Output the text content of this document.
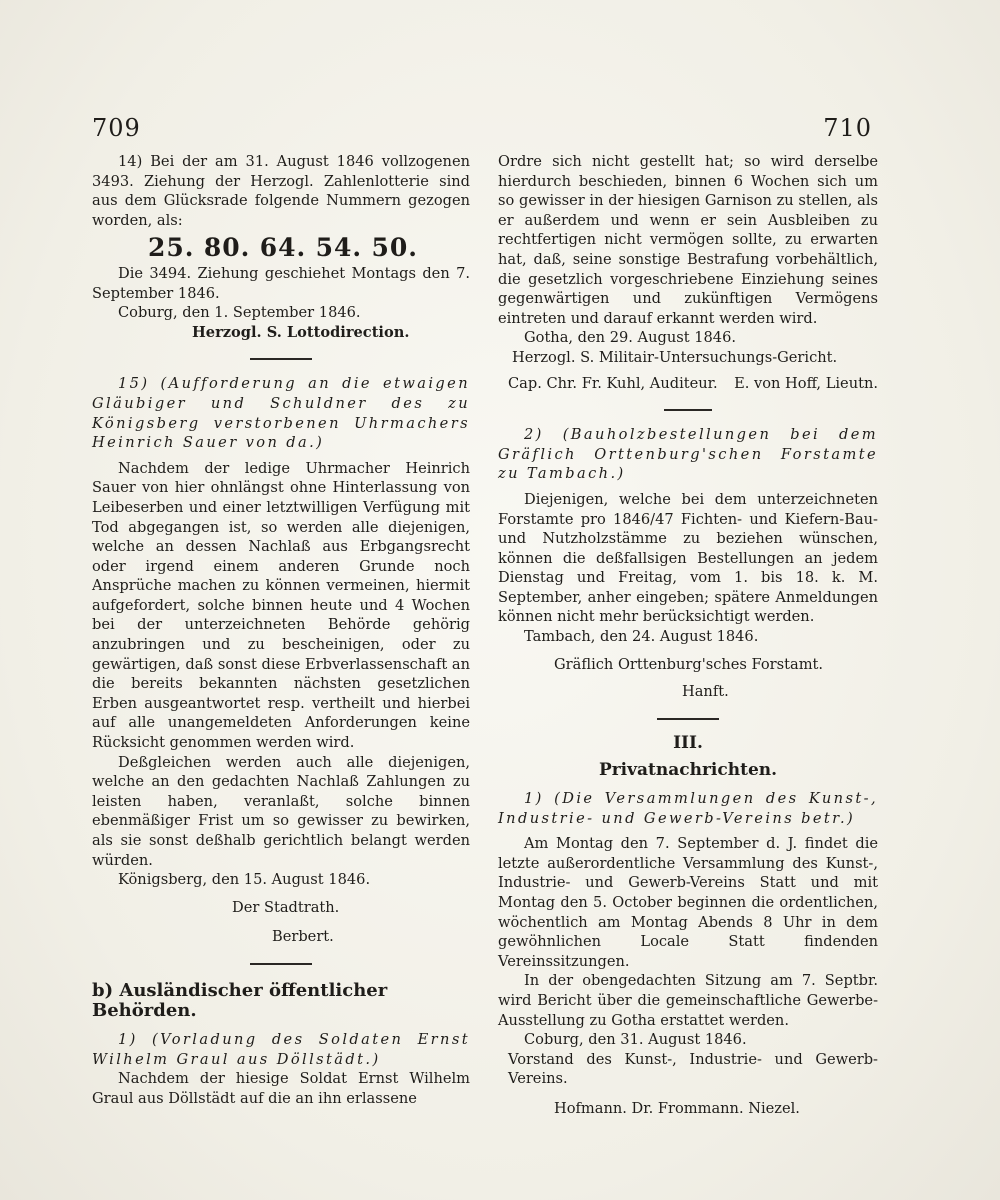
709	710

14) Bei der am 31. August 1846 vollzogenen 3493. Ziehung der Herzogl. Zahlenlotterie sind aus dem Glücksrade folgende Nummern gezogen worden, als:

25. 80. 64. 54. 50.

Die 3494. Ziehung geschiehet Montags den 7. September 1846.

Coburg, den 1. September 1846.

Herzogl. S. Lottodirection.

15) (Aufforderung an die etwaigen Gläubiger und Schuldner des zu Königsberg verstorbenen Uhrmachers Heinrich Sauer von da.)

Nachdem der ledige Uhrmacher Heinrich Sauer von hier ohnlängst ohne Hinterlassung von Leibeserben und einer letztwilligen Verfügung mit Tod abgegangen ist, so werden alle diejenigen, welche an dessen Nachlaß aus Erbgangsrecht oder irgend einem anderen Grunde noch Ansprüche machen zu können vermeinen, hiermit aufgefordert, solche binnen heute und 4 Wochen bei der unterzeichneten Behörde gehörig anzubringen und zu bescheinigen, oder zu gewärtigen, daß sonst diese Erbverlassenschaft an die bereits bekannten nächsten gesetzlichen Erben ausgeantwortet resp. vertheilt und hierbei auf alle unangemeldeten Anforderungen keine Rücksicht genommen werden wird.

Deßgleichen werden auch alle diejenigen, welche an den gedachten Nachlaß Zahlungen zu leisten haben, veranlaßt, solche binnen ebenmäßiger Frist um so gewisser zu bewirken, als sie sonst deßhalb gerichtlich belangt werden würden.

Königsberg, den 15. August 1846.

Der Stadtrath.

Berbert.

b) Ausländischer öffentlicher Behörden.

1) (Vorladung des Soldaten Ernst Wilhelm Graul aus Döllstädt.)

Nachdem der hiesige Soldat Ernst Wilhelm Graul aus Döllstädt auf die an ihn erlassene

Ordre sich nicht gestellt hat; so wird derselbe hierdurch beschieden, binnen 6 Wochen sich um so gewisser in der hiesigen Garnison zu stellen, als er außerdem und wenn er sein Ausbleiben zu rechtfertigen nicht vermögen sollte, zu erwarten hat, daß, seine sonstige Bestrafung vorbehältlich, die gesetzlich vorgeschriebene Einziehung seines gegenwärtigen und zukünftigen Vermögens eintreten und darauf erkannt werden wird.

Gotha, den 29. August 1846.

Herzogl. S. Militair-Untersuchungs-Gericht.

Cap. Chr. Fr. Kuhl, Auditeur. E. von Hoff, Lieutn.

2) (Bauholzbestellungen bei dem Gräflich Orttenburg'schen Forstamte zu Tambach.)

Diejenigen, welche bei dem unterzeichneten Forstamte pro 1846/47 Fichten- und Kiefern-Bau- und Nutzholzstämme zu beziehen wünschen, können die deßfallsigen Bestellungen an jedem Dienstag und Freitag, vom 1. bis 18. k. M. September, anher eingeben; spätere Anmeldungen können nicht mehr berücksichtigt werden.

Tambach, den 24. August 1846.

Gräflich Orttenburg'sches Forstamt.

Hanft.

III.
Privatnachrichten.

1) (Die Versammlungen des Kunst-, Industrie- und Gewerb-Vereins betr.)

Am Montag den 7. September d. J. findet die letzte außerordentliche Versammlung des Kunst-, Industrie- und Gewerb-Vereins Statt und mit Montag den 5. October beginnen die ordentlichen, wöchentlich am Montag Abends 8 Uhr in dem gewöhnlichen Locale Statt findenden Vereinssitzungen.

In der obengedachten Sitzung am 7. Septbr. wird Bericht über die gemeinschaftliche Gewerbe-Ausstellung zu Gotha erstattet werden.

Coburg, den 31. August 1846.

Vorstand des Kunst-, Industrie- und Gewerb-Vereins.

Hofmann. Dr. Frommann. Niezel.
